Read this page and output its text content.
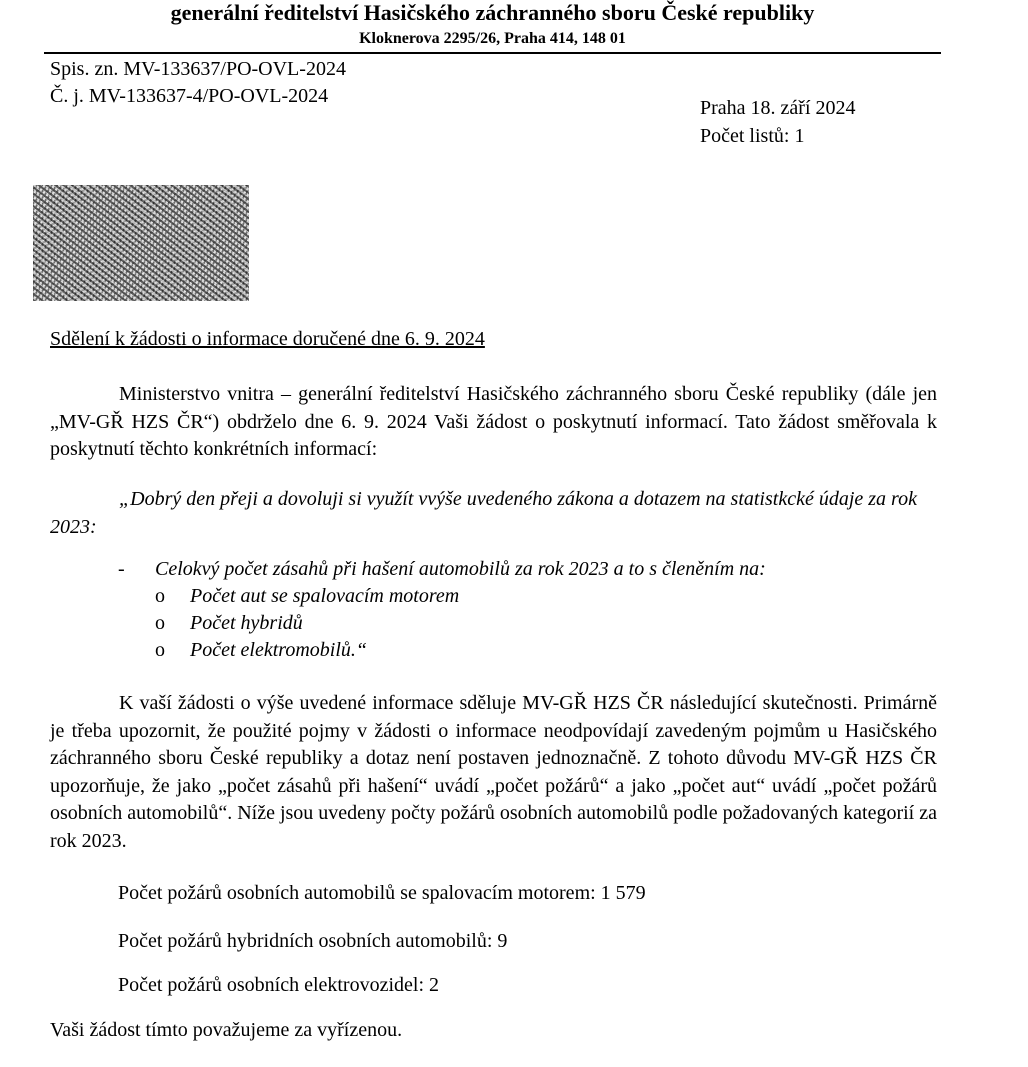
generální ředitelství Hasičského záchranného sboru České republiky
Kloknerova 2295/26, Praha 414, 148 01
Spis. zn. MV-133637/PO-OVL-2024
Č. j. MV-133637-4/PO-OVL-2024
Praha 18. září 2024
Počet listů: 1
Sdělení k žádosti o informace doručené dne 6. 9. 2024

Ministerstvo vnitra – generální ředitelství Hasičského záchranného sboru České republiky (dále jen „MV-GŘ HZS ČR“) obdrželo dne 6. 9. 2024 Vaši žádost o poskytnutí informací. Tato žádost směřovala k poskytnutí těchto konkrétních informací:

„Dobrý den přeji a dovoluji si využít vvýše uvedeného zákona a dotazem na statistkcké údaje za rok 2023:

- Celokvý počet zásahů při hašení automobilů za rok 2023 a to s členěním na:
o Počet aut se spalovacím motorem
o Počet hybridů
o Počet elektromobilů.“

K vaší žádosti o výše uvedené informace sděluje MV-GŘ HZS ČR následující skutečnosti. Primárně je třeba upozornit, že použité pojmy v žádosti o informace neodpovídají zavedeným pojmům u Hasičského záchranného sboru České republiky a dotaz není postaven jednoznačně. Z tohoto důvodu MV-GŘ HZS ČR upozorňuje, že jako „počet zásahů při hašení“ uvádí „počet požárů“ a jako „počet aut“ uvádí „počet požárů osobních automobilů“. Níže jsou uvedeny počty požárů osobních automobilů podle požadovaných kategorií za rok 2023.

Počet požárů osobních automobilů se spalovacím motorem: 1 579
Počet požárů hybridních osobních automobilů: 9
Počet požárů osobních elektrovozidel: 2
Vaši žádost tímto považujeme za vyřízenou.
